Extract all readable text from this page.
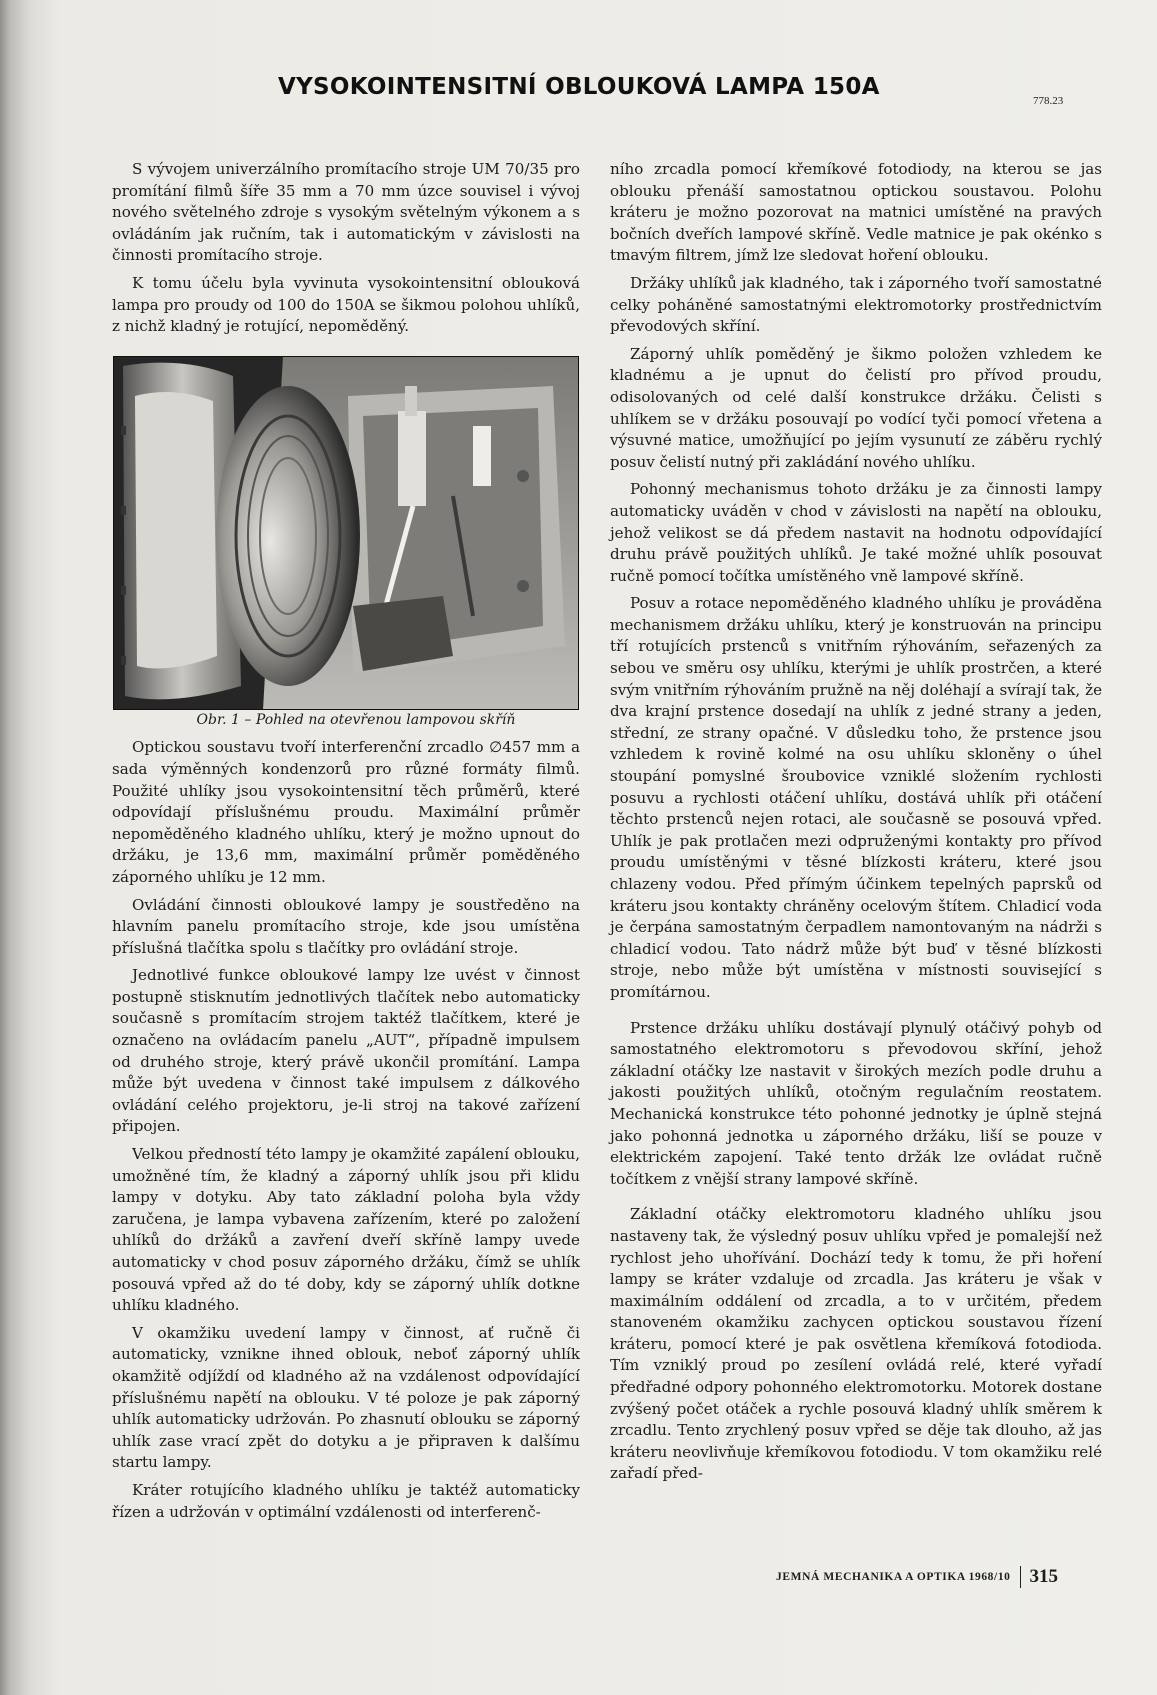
VYSOKOINTENSITNÍ OBLOUKOVÁ LAMPA 150A
778.23

S vývojem univerzálního promítacího stroje UM 70/35 pro promítání filmů šíře 35 mm a 70 mm úzce souvisel i vývoj nového světelného zdroje s vysokým světelným výkonem a s ovládáním jak ručním, tak i automatickým v závislosti na činnosti promítacího stroje.

K tomu účelu byla vyvinuta vysokointensitní oblouková lampa pro proudy od 100 do 150A se šikmou polohou uhlíků, z nichž kladný je rotující, nepoměděný.

Obr. 1 – Pohled na otevřenou lampovou skříň

Optickou soustavu tvoří interferenční zrcadlo ∅457 mm a sada výměnných kondenzorů pro různé formáty filmů. Použité uhlíky jsou vysokointensitní těch průměrů, které odpovídají příslušnému proudu. Maximální průměr nepoměděného kladného uhlíku, který je možno upnout do držáku, je 13,6 mm, maximální průměr poměděného záporného uhlíku je 12 mm.

Ovládání činnosti obloukové lampy je soustředěno na hlavním panelu promítacího stroje, kde jsou umístěna příslušná tlačítka spolu s tlačítky pro ovládání stroje.

Jednotlivé funkce obloukové lampy lze uvést v činnost postupně stisknutím jednotlivých tlačítek nebo automaticky současně s promítacím strojem taktéž tlačítkem, které je označeno na ovládacím panelu „AUT“, případně impulsem od druhého stroje, který právě ukončil promítání. Lampa může být uvedena v činnost také impulsem z dálkového ovládání celého projektoru, je-li stroj na takové zařízení připojen.

Velkou předností této lampy je okamžité zapálení oblouku, umožněné tím, že kladný a záporný uhlík jsou při klidu lampy v dotyku. Aby tato základní poloha byla vždy zaručena, je lampa vybavena zařízením, které po založení uhlíků do držáků a zavření dveří skříně lampy uvede automaticky v chod posuv záporného držáku, čímž se uhlík posouvá vpřed až do té doby, kdy se záporný uhlík dotkne uhlíku kladného.

V okamžiku uvedení lampy v činnost, ať ručně či automaticky, vznikne ihned oblouk, neboť záporný uhlík okamžitě odjíždí od kladného až na vzdálenost odpovídající příslušnému napětí na oblouku. V té poloze je pak záporný uhlík automaticky udržován. Po zhasnutí oblouku se záporný uhlík zase vrací zpět do dotyku a je připraven k dalšímu startu lampy.

Kráter rotujícího kladného uhlíku je taktéž automaticky řízen a udržován v optimální vzdálenosti od interferenč-

ního zrcadla pomocí křemíkové fotodiody, na kterou se jas oblouku přenáší samostatnou optickou soustavou. Polohu kráteru je možno pozorovat na matnici umístěné na pravých bočních dveřích lampové skříně. Vedle matnice je pak okénko s tmavým filtrem, jímž lze sledovat hoření oblouku.

Držáky uhlíků jak kladného, tak i záporného tvoří samostatné celky poháněné samostatnými elektromotorky prostřednictvím převodových skříní.

Záporný uhlík poměděný je šikmo položen vzhledem ke kladnému a je upnut do čelistí pro přívod proudu, odisolovaných od celé další konstrukce držáku. Čelisti s uhlíkem se v držáku posouvají po vodící tyči pomocí vřetena a výsuvné matice, umožňující po jejím vysunutí ze záběru rychlý posuv čelistí nutný při zakládání nového uhlíku.

Pohonný mechanismus tohoto držáku je za činnosti lampy automaticky uváděn v chod v závislosti na napětí na oblouku, jehož velikost se dá předem nastavit na hodnotu odpovídající druhu právě použitých uhlíků. Je také možné uhlík posouvat ručně pomocí točítka umístěného vně lampové skříně.

Posuv a rotace nepoměděného kladného uhlíku je prováděna mechanismem držáku uhlíku, který je konstruován na principu tří rotujících prstenců s vnitřním rýhováním, seřazených za sebou ve směru osy uhlíku, kterými je uhlík prostrčen, a které svým vnitřním rýhováním pružně na něj doléhají a svírají tak, že dva krajní prstence dosedají na uhlík z jedné strany a jeden, střední, ze strany opačné. V důsledku toho, že prstence jsou vzhledem k rovině kolmé na osu uhlíku skloněny o úhel stoupání pomyslné šroubovice vzniklé složením rychlosti posuvu a rychlosti otáčení uhlíku, dostává uhlík při otáčení těchto prstenců nejen rotaci, ale současně se posouvá vpřed. Uhlík je pak protlačen mezi odpruženými kontakty pro přívod proudu umístěnými v těsné blízkosti kráteru, které jsou chlazeny vodou. Před přímým účinkem tepelných paprsků od kráteru jsou kontakty chráněny ocelovým štítem. Chladicí voda je čerpána samostatným čerpadlem namontovaným na nádrži s chladicí vodou. Tato nádrž může být buď v těsné blízkosti stroje, nebo může být umístěna v místnosti související s promítárnou.

Prstence držáku uhlíku dostávají plynulý otáčivý pohyb od samostatného elektromotoru s převodovou skříní, jehož základní otáčky lze nastavit v širokých mezích podle druhu a jakosti použitých uhlíků, otočným regulačním reostatem. Mechanická konstrukce této pohonné jednotky je úplně stejná jako pohonná jednotka u záporného držáku, liší se pouze v elektrickém zapojení. Také tento držák lze ovládat ručně točítkem z vnější strany lampové skříně.

Základní otáčky elektromotoru kladného uhlíku jsou nastaveny tak, že výsledný posuv uhlíku vpřed je pomalejší než rychlost jeho uhořívání. Dochází tedy k tomu, že při hoření lampy se kráter vzdaluje od zrcadla. Jas kráteru je však v maximálním oddálení od zrcadla, a to v určitém, předem stanoveném okamžiku zachycen optickou soustavou řízení kráteru, pomocí které je pak osvětlena křemíková fotodioda. Tím vzniklý proud po zesílení ovládá relé, které vyřadí předřadné odpory pohonného elektromotorku. Motorek dostane zvýšený počet otáček a rychle posouvá kladný uhlík směrem k zrcadlu. Tento zrychlený posuv vpřed se děje tak dlouho, až jas kráteru neovlivňuje křemíkovou fotodiodu. V tom okamžiku relé zařadí před-

JEMNÁ MECHANIKA A OPTIKA 1968/10 315
